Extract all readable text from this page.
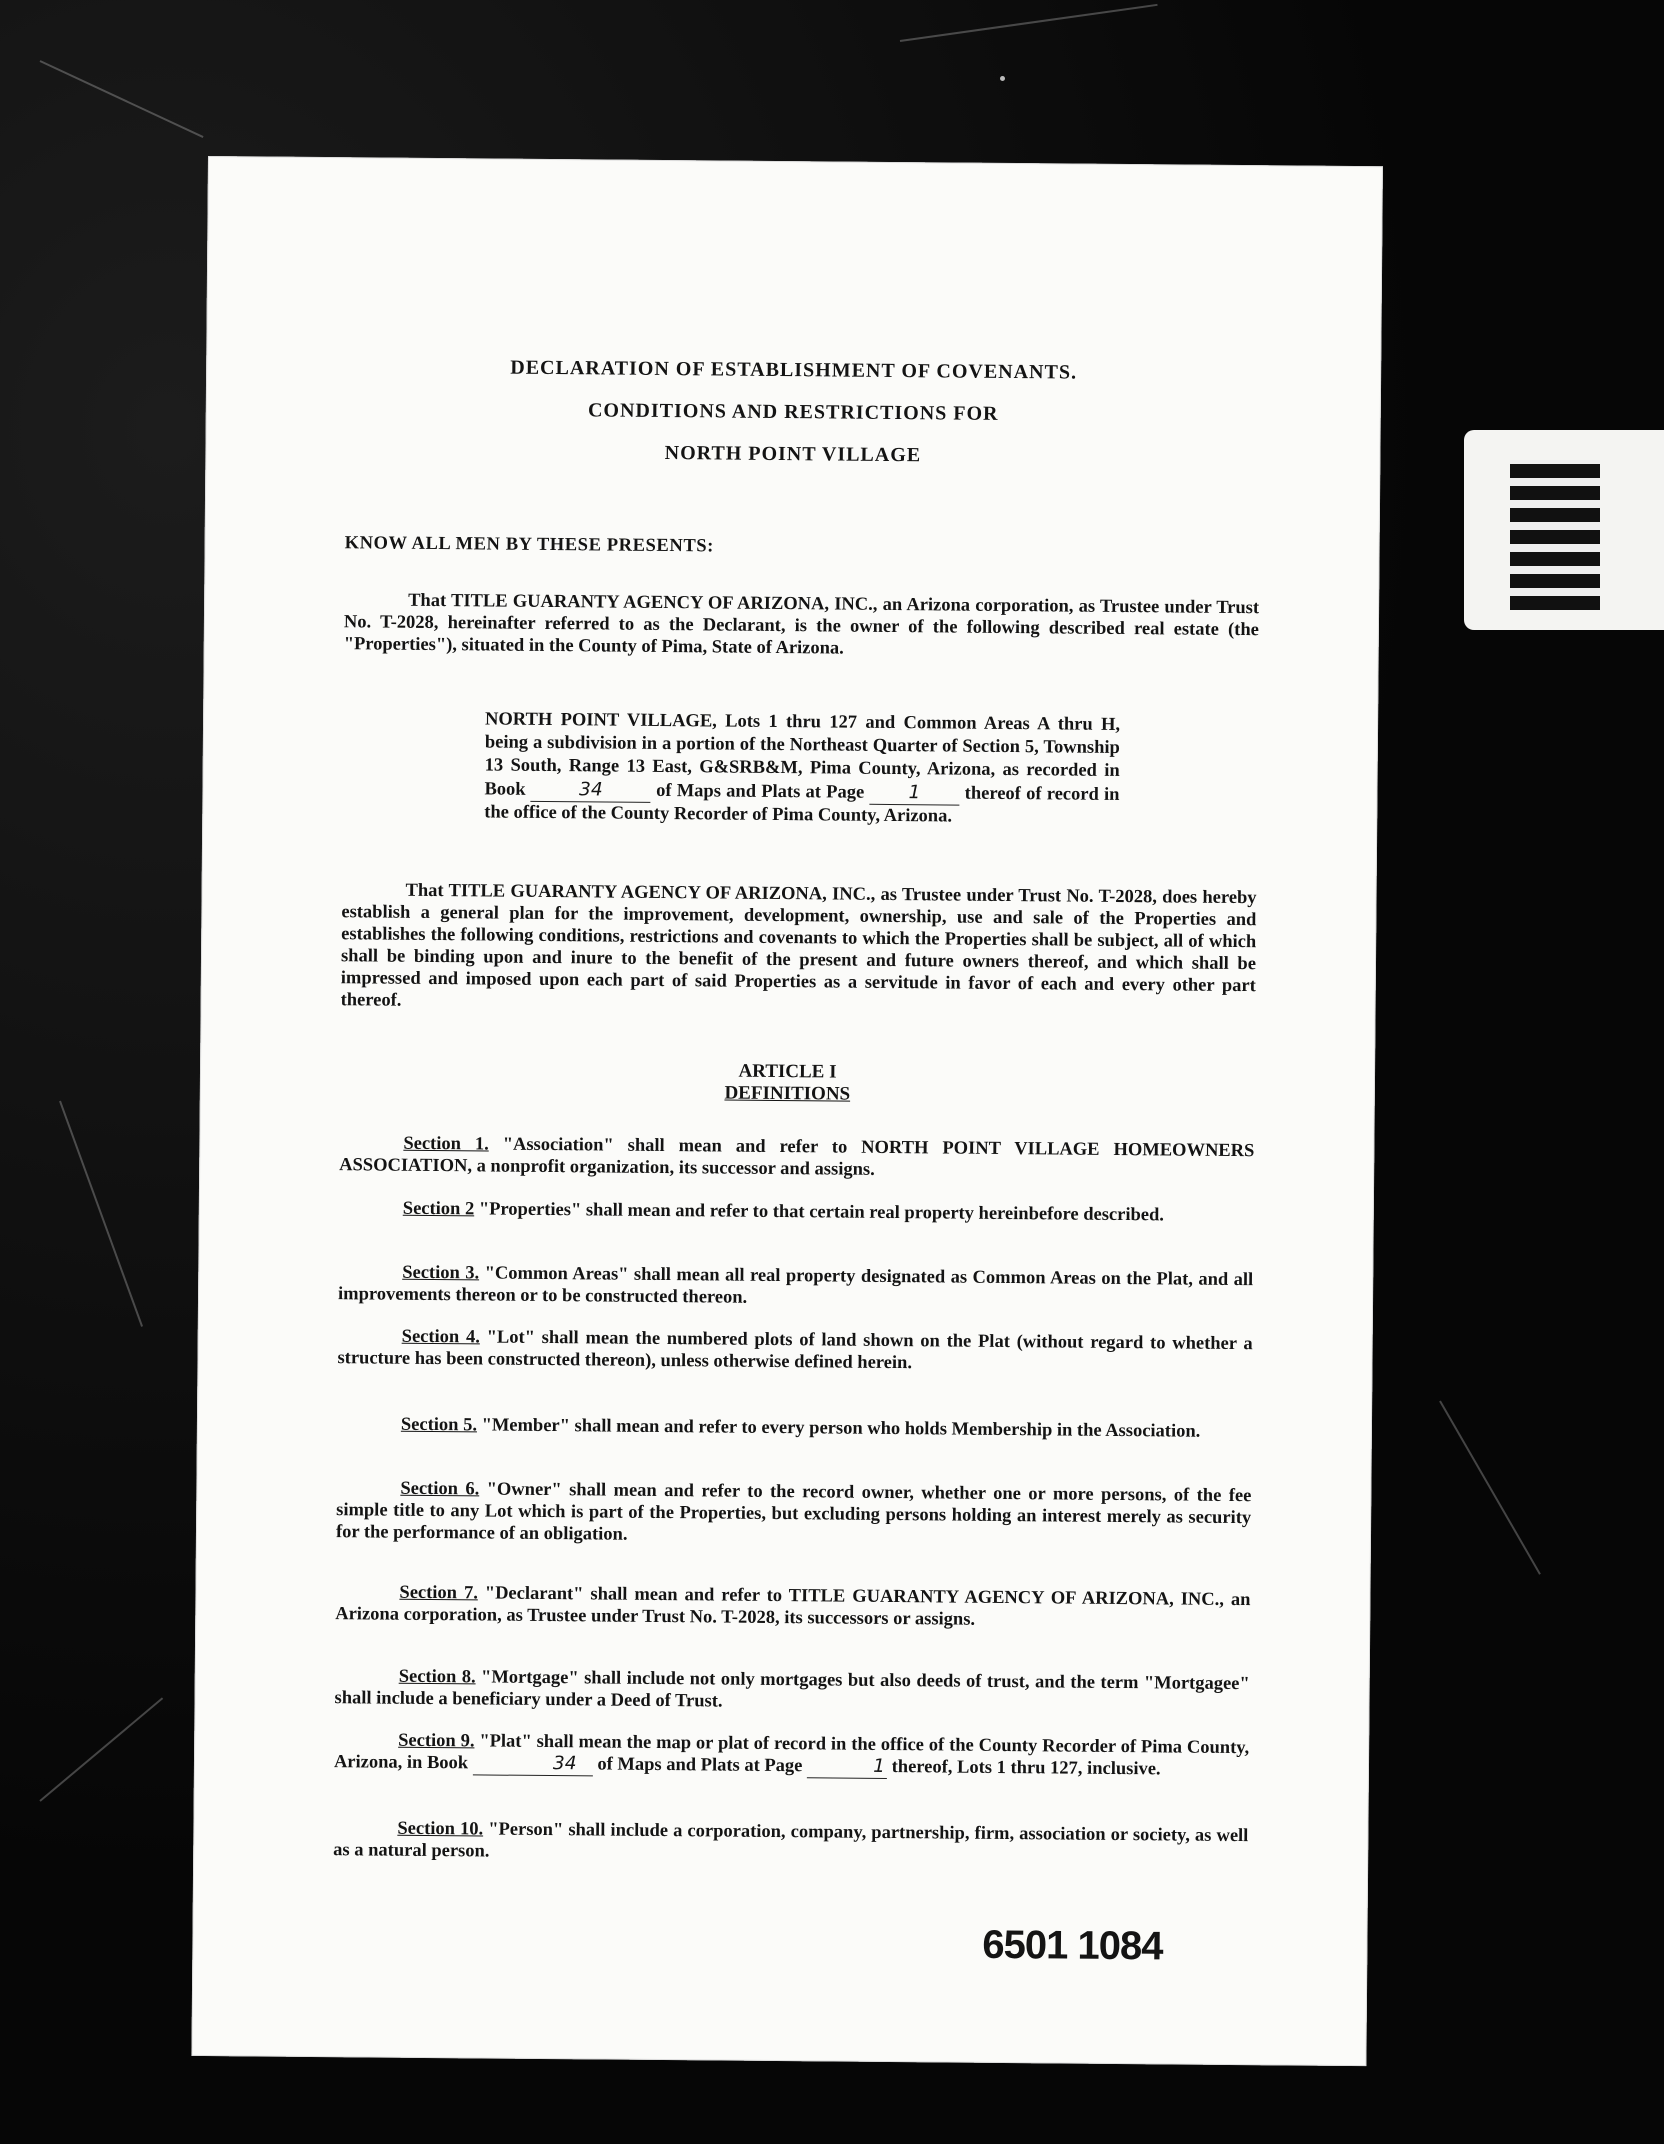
DECLARATION OF ESTABLISHMENT OF COVENANTS.
CONDITIONS AND RESTRICTIONS FOR
NORTH POINT VILLAGE
KNOW ALL MEN BY THESE PRESENTS:
That TITLE GUARANTY AGENCY OF ARIZONA, INC., an Arizona corporation, as Trustee under Trust No. T-2028, hereinafter referred to as the Declarant, is the owner of the following described real estate (the "Properties"), situated in the County of Pima, State of Arizona.
NORTH POINT VILLAGE, Lots 1 thru 127 and Common Areas A thru H, being a subdivision in a portion of the Northeast Quarter of Section 5, Township 13 South, Range 13 East, G&SRB&M, Pima County, Arizona, as recorded in Book	34	of Maps and Plats at Page 1 thereof of record in the office of the County Recorder of Pima County, Arizona.
That TITLE GUARANTY AGENCY OF ARIZONA, INC., as Trustee under Trust No. T-2028, does hereby establish a general plan for the improvement, development, ownership, use and sale of the Properties and establishes the following conditions, restrictions and covenants to which the Properties shall be subject, all of which shall be binding upon and inure to the benefit of the present and future owners thereof, and which shall be impressed and imposed upon each part of said Properties as a servitude in favor of each and every other part thereof.
ARTICLE I
DEFINITIONS
Section 1. "Association" shall mean and refer to NORTH POINT VILLAGE HOMEOWNERS ASSOCIATION, a nonprofit organization, its successor and assigns.
Section 2 "Properties" shall mean and refer to that certain real property hereinbefore described.
Section 3. "Common Areas" shall mean all real property designated as Common Areas on the Plat, and all improvements thereon or to be constructed thereon.
Section 4. "Lot" shall mean the numbered plots of land shown on the Plat (without regard to whether a structure has been constructed thereon), unless otherwise defined herein.
Section 5. "Member" shall mean and refer to every person who holds Membership in the Association.
Section 6. "Owner" shall mean and refer to the record owner, whether one or more persons, of the fee simple title to any Lot which is part of the Properties, but excluding persons holding an interest merely as security for the performance of an obligation.
Section 7. "Declarant" shall mean and refer to TITLE GUARANTY AGENCY OF ARIZONA, INC., an Arizona corporation, as Trustee under Trust No. T-2028, its successors or assigns.
Section 8. "Mortgage" shall include not only mortgages but also deeds of trust, and the term "Mortgagee" shall include a beneficiary under a Deed of Trust.
Section 9. "Plat" shall mean the map or plat of record in the office of the County Recorder of Pima County, Arizona, in Book	34 of Maps and Plats at Page	1 thereof, Lots 1 thru 127, inclusive.
Section 10. "Person" shall include a corporation, company, partnership, firm, association or society, as well as a natural person.
6501 1084
